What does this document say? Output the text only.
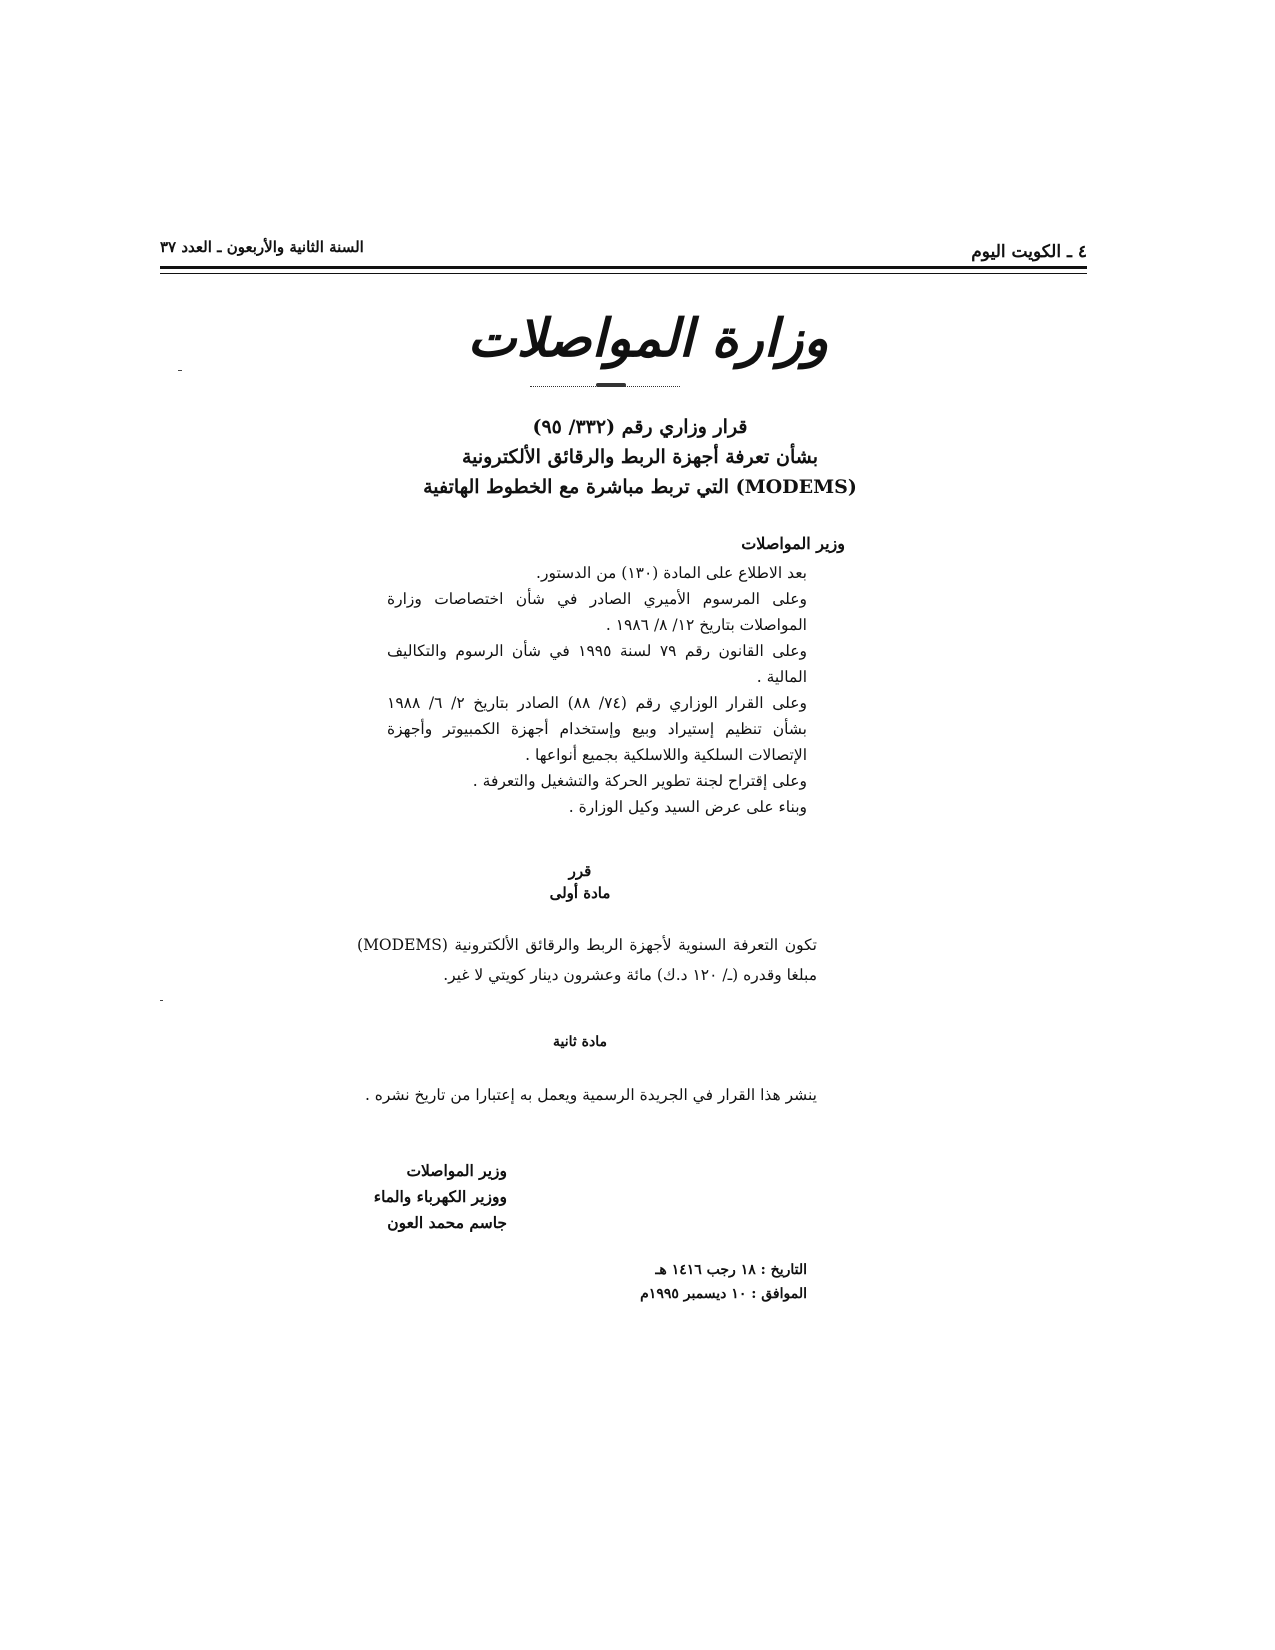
٤ ـ الكويت اليوم
السنة الثانية والأربعون ـ العدد ٣٧
وزارة المواصلات
قرار وزاري رقم (٣٣٢/ ٩٥)
بشأن تعرفة أجهزة الربط والرقائق الألكترونية
(MODEMS) التي تربط مباشرة مع الخطوط الهاتفية
وزير المواصلات

بعد الاطلاع على المادة (١٣٠) من الدستور.

وعلى المرسوم الأميري الصادر في شأن اختصاصات وزارة المواصلات بتاريخ ١٢/ ٨/ ١٩٨٦ .

وعلى القانون رقم ٧٩ لسنة ١٩٩٥ في شأن الرسوم والتكاليف المالية .

وعلى القرار الوزاري رقم (٧٤/ ٨٨) الصادر بتاريخ ٢/ ٦/ ١٩٨٨ بشأن تنظيم إستيراد وبيع وإستخدام أجهزة الكمبيوتر وأجهزة الإتصالات السلكية واللاسلكية بجميع أنواعها .

وعلى إقتراح لجنة تطوير الحركة والتشغيل والتعرفة .

وبناء على عرض السيد وكيل الوزارة .

قرر
مادة أولى

تكون التعرفة السنوية لأجهزة الربط والرقائق الألكترونية (MODEMS) مبلغا وقدره (ـ/ ١٢٠ د.ك) مائة وعشرون دينار كويتي لا غير.

مادة ثانية

ينشر هذا القرار في الجريدة الرسمية ويعمل به إعتبارا من تاريخ نشره .

وزير المواصلات
ووزير الكهرباء والماء
جاسم محمد العون
التاريخ : ١٨ رجب ١٤١٦ هـ
الموافق : ١٠ ديسمبر ١٩٩٥م
